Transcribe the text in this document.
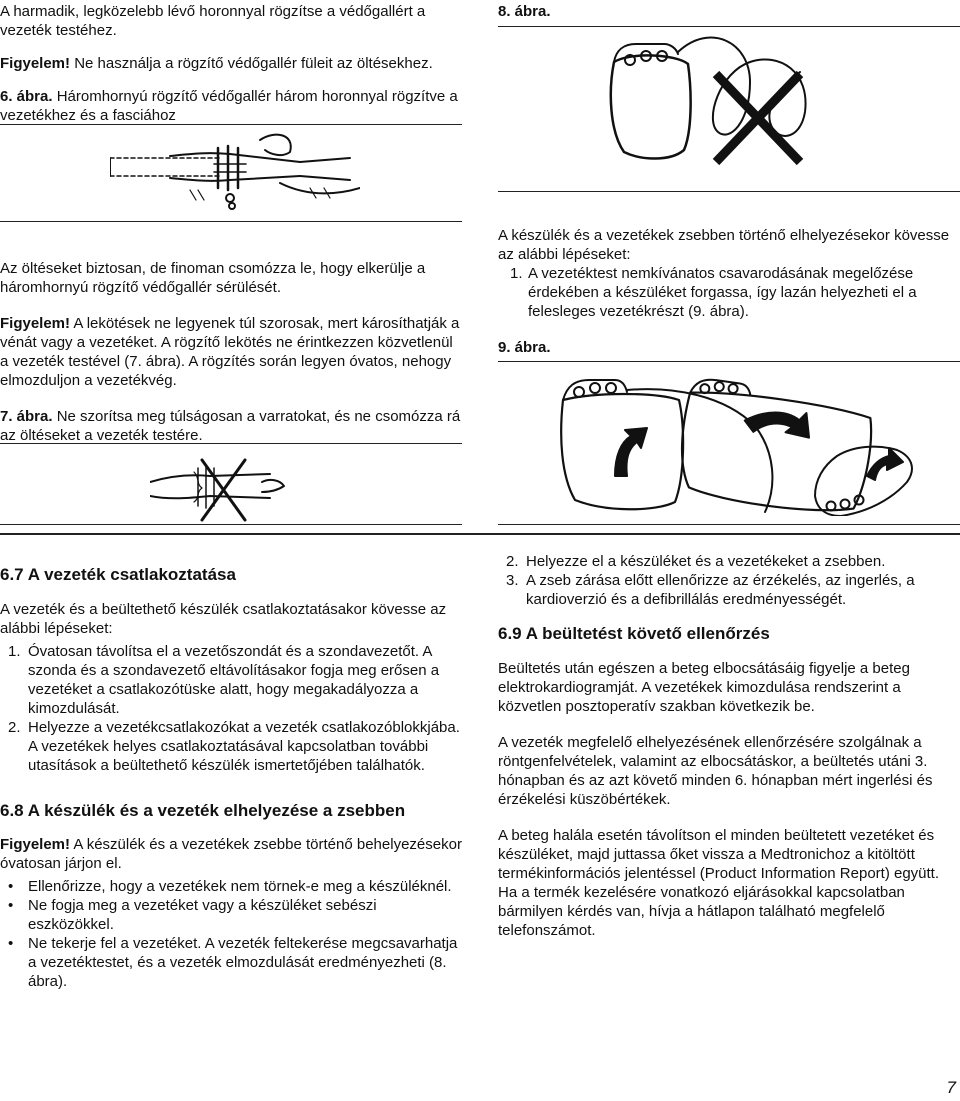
A harmadik, legközelebb lévő horonnyal rögzítse a védőgallért a vezeték testéhez.

Figyelem! Ne használja a rögzítő védőgallér füleit az öltésekhez.

6. ábra. Háromhornyú rögzítő védőgallér három horonnyal rögzítve a vezetékhez és a fasciához

Az öltéseket biztosan, de finoman csomózza le, hogy elkerülje a háromhornyú rögzítő védőgallér sérülését.

Figyelem! A lekötések ne legyenek túl szorosak, mert károsíthatják a vénát vagy a vezetéket. A rögzítő lekötés ne érintkezzen közvetlenül a vezeték testével (7. ábra). A rögzítés során legyen óvatos, nehogy elmozduljon a vezetékvég.

7. ábra. Ne szorítsa meg túlságosan a varratokat, és ne csomózza rá az öltéseket a vezeték testére.

8. ábra.

A készülék és a vezetékek zsebben történő elhelyezésekor kövesse az alábbi lépéseket:

1. A vezetéktest nemkívánatos csavarodásának megelőzése érdekében a készüléket forgassa, így lazán helyezheti el a felesleges vezetékrészt (9. ábra).

9. ábra.

6.7 A vezeték csatlakoztatása

A vezeték és a beültethető készülék csatlakoztatásakor kövesse az alábbi lépéseket:

1. Óvatosan távolítsa el a vezetőszondát és a szondavezetőt. A szonda és a szondavezető eltávolításakor fogja meg erősen a vezetéket a csatlakozótüske alatt, hogy megakadályozza a kimozdulását.
2. Helyezze a vezetékcsatlakozókat a vezeték csatlakozóblokkjába. A vezetékek helyes csatlakoztatásával kapcsolatban további utasítások a beültethető készülék ismertetőjében találhatók.
6.8 A készülék és a vezeték elhelyezése a zsebben

Figyelem! A készülék és a vezetékek zsebbe történő behelyezésekor óvatosan járjon el.

• Ellenőrizze, hogy a vezetékek nem törnek-e meg a készüléknél.
• Ne fogja meg a vezetéket vagy a készüléket sebészi eszközökkel.
• Ne tekerje fel a vezetéket. A vezeték feltekerése megcsavarhatja a vezetéktestet, és a vezeték elmozdulását eredményezheti (8. ábra).
2. Helyezze el a készüléket és a vezetékeket a zsebben.
3. A zseb zárása előtt ellenőrizze az érzékelés, az ingerlés, a kardioverzió és a defibrillálás eredményességét.
6.9 A beültetést követő ellenőrzés

Beültetés után egészen a beteg elbocsátásáig figyelje a beteg elektrokardiogramját. A vezetékek kimozdulása rendszerint a közvetlen posztoperatív szakban következik be.

A vezeték megfelelő elhelyezésének ellenőrzésére szolgálnak a röntgenfelvételek, valamint az elbocsátáskor, a beültetés utáni 3. hónapban és az azt követő minden 6. hónapban mért ingerlési és érzékelési küszöbértékek.

A beteg halála esetén távolítson el minden beültetett vezetéket és készüléket, majd juttassa őket vissza a Medtronichoz a kitöltött termékinformációs jelentéssel (Product Information Report) együtt. Ha a termék kezelésére vonatkozó eljárásokkal kapcsolatban bármilyen kérdés van, hívja a hátlapon található megfelelő telefonszámot.

7
